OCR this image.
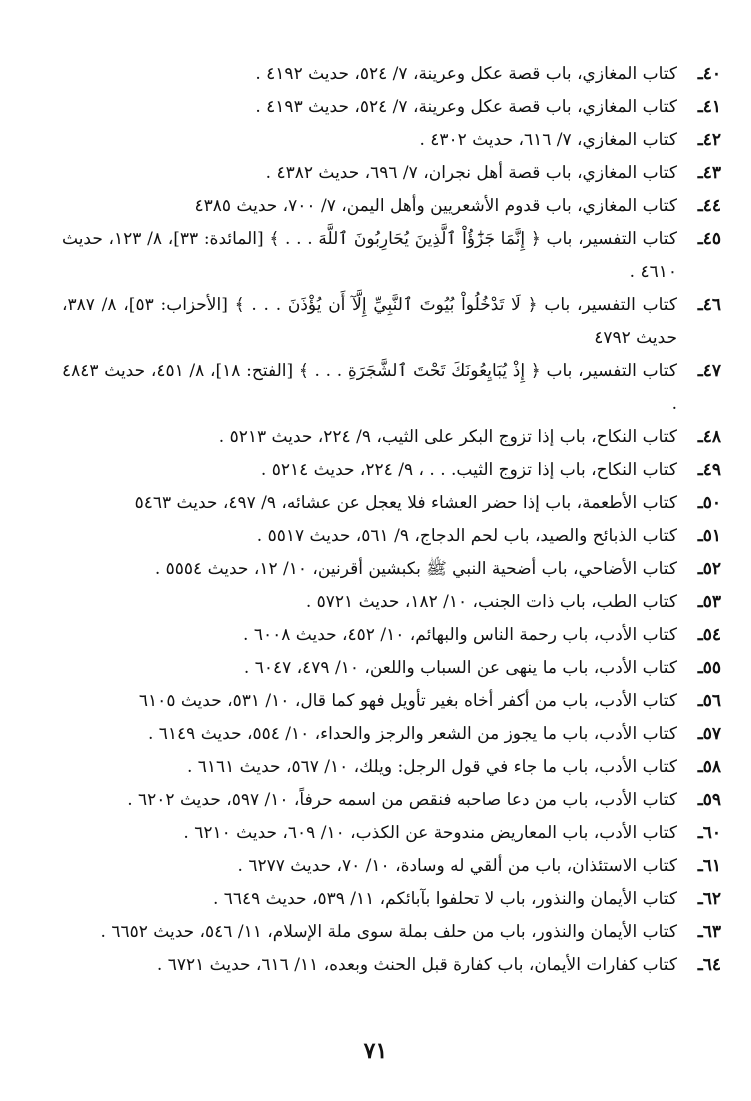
٤٠ـ
كتاب المغازي، باب قصة عكل وعرينة، ٧/ ٥٢٤، حديث ٤١٩٢ .
٤١ـ
كتاب المغازي، باب قصة عكل وعرينة، ٧/ ٥٢٤، حديث ٤١٩٣ .
٤٢ـ
كتاب المغازي، ٧/ ٦١٦، حديث ٤٣٠٢ .
٤٣ـ
كتاب المغازي، باب قصة أهل نجران، ٧/ ٦٩٦، حديث ٤٣٨٢ .
٤٤ـ
كتاب المغازي، باب قدوم الأشعريين وأهل اليمن، ٧/ ٧٠٠، حديث ٤٣٨٥
٤٥ـ
كتاب التفسير، باب ﴿ إِنَّمَا جَزَٰٓؤُاْ ٱلَّذِينَ يُحَارِبُونَ ٱللَّهَ . . . ﴾ [المائدة: ٣٣]، ٨/ ١٢٣، حديث ٤٦١٠ .
٤٦ـ
كتاب التفسير، باب ﴿ لَا تَدْخُلُواْ بُيُوتَ ٱلنَّبِيِّ إِلَّآ أَن يُؤْذَنَ . . . ﴾ [الأحزاب: ٥٣]، ٨/ ٣٨٧، حديث ٤٧٩٢
٤٧ـ
كتاب التفسير، باب ﴿ إِذْ يُبَايِعُونَكَ تَحْتَ ٱلشَّجَرَةِ . . . ﴾ [الفتح: ١٨]، ٨/ ٤٥١، حديث ٤٨٤٣ .
٤٨ـ
كتاب النكاح، باب إذا تزوج البكر على الثيب، ٩/ ٢٢٤، حديث ٥٢١٣ .
٤٩ـ
كتاب النكاح، باب إذا تزوج الثيب. . . ، ٩/ ٢٢٤، حديث ٥٢١٤ .
٥٠ـ
كتاب الأطعمة، باب إذا حضر العشاء فلا يعجل عن عشائه، ٩/ ٤٩٧، حديث ٥٤٦٣
٥١ـ
كتاب الذبائح والصيد، باب لحم الدجاج، ٩/ ٥٦١، حديث ٥٥١٧ .
٥٢ـ
كتاب الأضاحي، باب أضحية النبي ﷺ بكبشين أقرنين، ١٠/ ١٢، حديث ٥٥٥٤ .
٥٣ـ
كتاب الطب، باب ذات الجنب، ١٠/ ١٨٢، حديث ٥٧٢١ .
٥٤ـ
كتاب الأدب، باب رحمة الناس والبهائم، ١٠/ ٤٥٢، حديث ٦٠٠٨ .
٥٥ـ
كتاب الأدب، باب ما ينهى عن السباب واللعن، ١٠/ ٤٧٩، ٦٠٤٧ .
٥٦ـ
كتاب الأدب، باب من أكفر أخاه بغير تأويل فهو كما قال، ١٠/ ٥٣١، حديث ٦١٠٥
٥٧ـ
كتاب الأدب، باب ما يجوز من الشعر والرجز والحداء، ١٠/ ٥٥٤، حديث ٦١٤٩ .
٥٨ـ
كتاب الأدب، باب ما جاء في قول الرجل: ويلك، ١٠/ ٥٦٧، حديث ٦١٦١ .
٥٩ـ
كتاب الأدب، باب من دعا صاحبه فنقص من اسمه حرفاً، ١٠/ ٥٩٧، حديث ٦٢٠٢ .
٦٠ـ
كتاب الأدب، باب المعاريض مندوحة عن الكذب، ١٠/ ٦٠٩، حديث ٦٢١٠ .
٦١ـ
كتاب الاستئذان، باب من ألقي له وسادة، ١٠/ ٧٠، حديث ٦٢٧٧ .
٦٢ـ
كتاب الأيمان والنذور، باب لا تحلفوا بآبائكم، ١١/ ٥٣٩، حديث ٦٦٤٩ .
٦٣ـ
كتاب الأيمان والنذور، باب من حلف بملة سوى ملة الإسلام، ١١/ ٥٤٦، حديث ٦٦٥٢ .
٦٤ـ
كتاب كفارات الأيمان، باب كفارة قبل الحنث وبعده، ١١/ ٦١٦، حديث ٦٧٢١ .
٧١
